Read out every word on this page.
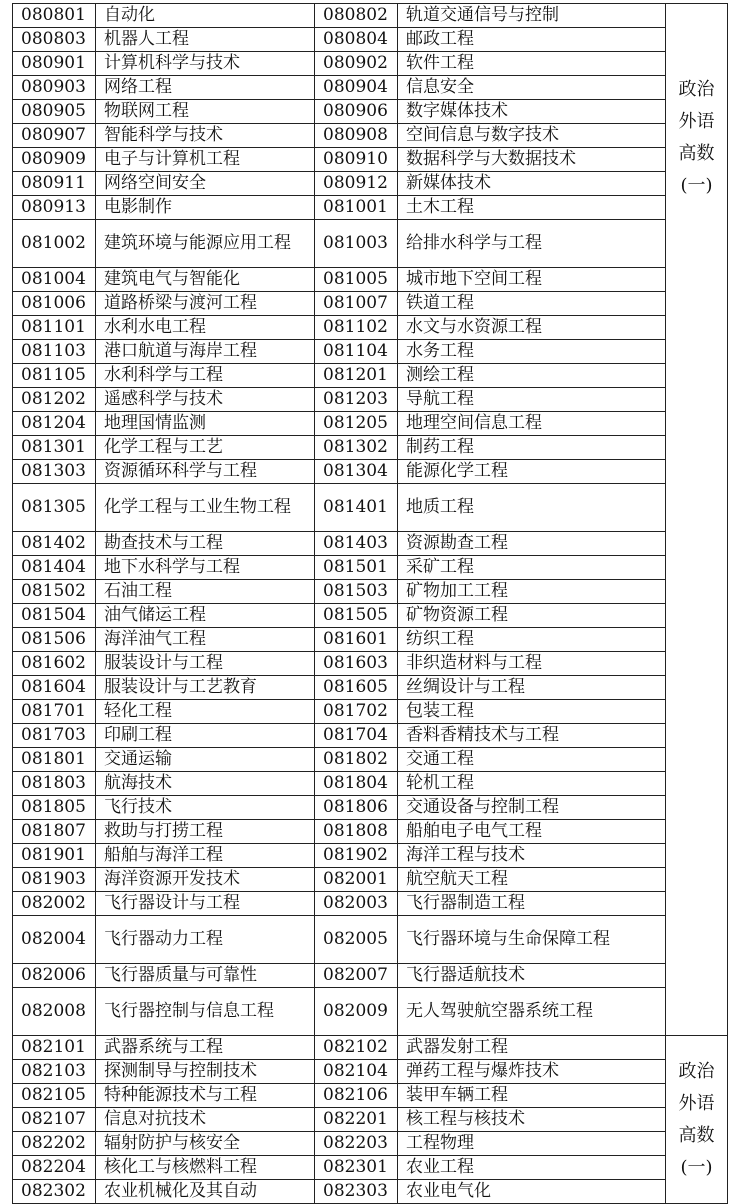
080801	自动化	080802	轨道交通信号与控制	政治
外语
高数
(一)

080803	机器人工程	080804	邮政工程	
080901	计算机科学与技术	080902	软件工程	
080903	网络工程	080904	信息安全	
080905	物联网工程	080906	数字媒体技术	
080907	智能科学与技术	080908	空间信息与数字技术	
080909	电子与计算机工程	080910	数据科学与大数据技术	
080911	网络空间安全	080912	新媒体技术	
080913	电影制作	081001	土木工程	
081002	建筑环境与能源应用工程	081003	给排水科学与工程	
081004	建筑电气与智能化	081005	城市地下空间工程	
081006	道路桥梁与渡河工程	081007	铁道工程	
081101	水利水电工程	081102	水文与水资源工程	
081103	港口航道与海岸工程	081104	水务工程	
081105	水利科学与工程	081201	测绘工程	
081202	遥感科学与技术	081203	导航工程	
081204	地理国情监测	081205	地理空间信息工程	
081301	化学工程与工艺	081302	制药工程	
081303	资源循环科学与工程	081304	能源化学工程	
081305	化学工程与工业生物工程	081401	地质工程	
081402	勘查技术与工程	081403	资源勘查工程	
081404	地下水科学与工程	081501	采矿工程	
081502	石油工程	081503	矿物加工工程	
081504	油气储运工程	081505	矿物资源工程	
081506	海洋油气工程	081601	纺织工程	
081602	服装设计与工程	081603	非织造材料与工程	
081604	服装设计与工艺教育	081605	丝绸设计与工程	
081701	轻化工程	081702	包装工程	
081703	印刷工程	081704	香料香精技术与工程	
081801	交通运输	081802	交通工程	
081803	航海技术	081804	轮机工程	
081805	飞行技术	081806	交通设备与控制工程	
081807	救助与打捞工程	081808	船舶电子电气工程	
081901	船舶与海洋工程	081902	海洋工程与技术	
081903	海洋资源开发技术	082001	航空航天工程	
082002	飞行器设计与工程	082003	飞行器制造工程	
082004	飞行器动力工程	082005	飞行器环境与生命保障工程	
082006	飞行器质量与可靠性	082007	飞行器适航技术	
082008	飞行器控制与信息工程	082009	无人驾驶航空器系统工程	
082101	武器系统与工程	082102	武器发射工程	政治
外语
高数
(一)

082103	探测制导与控制技术	082104	弹药工程与爆炸技术	
082105	特种能源技术与工程	082106	装甲车辆工程	
082107	信息对抗技术	082201	核工程与核技术	
082202	辐射防护与核安全	082203	工程物理	
082204	核化工与核燃料工程	082301	农业工程	
082302	农业机械化及其自动	082303	农业电气化	
